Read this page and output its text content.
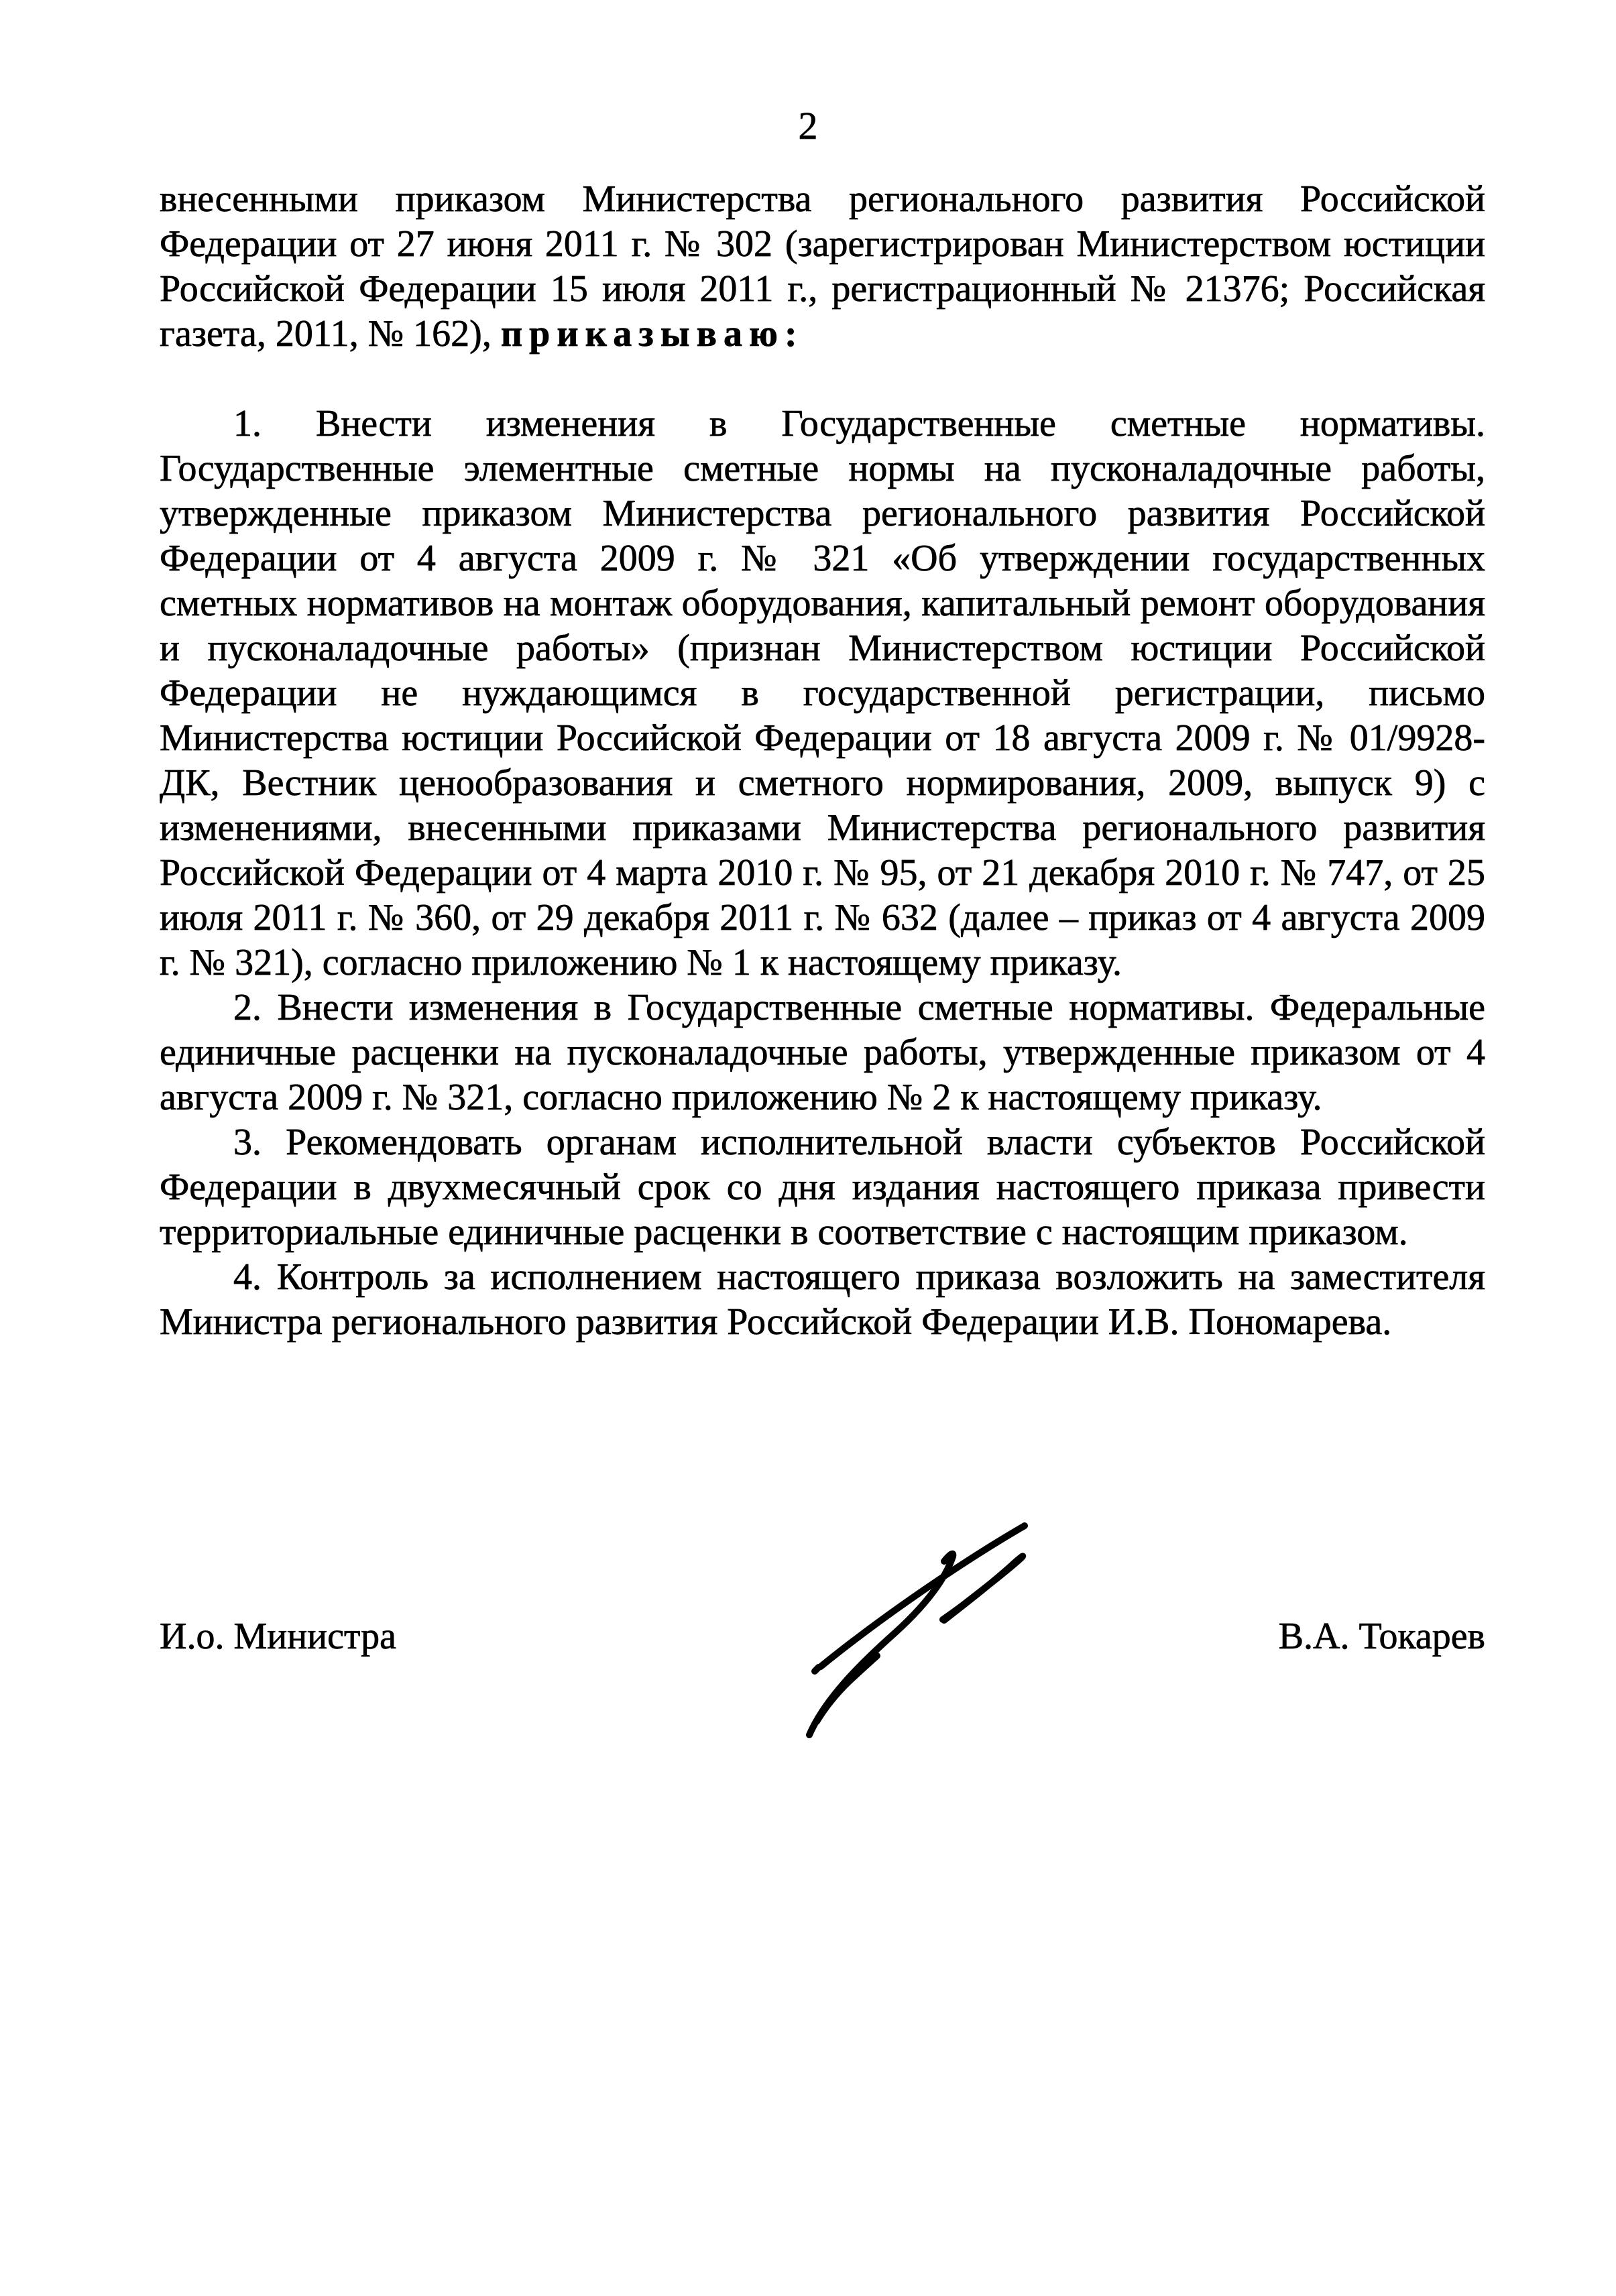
2

внесенными приказом Министерства регионального развития Российской Федерации от 27 июня 2011 г. № 302 (зарегистрирован Министерством юстиции Российской Федерации 15 июля 2011 г., регистрационный № 21376; Российская газета, 2011, № 162), приказываю:

1. Внести изменения в Государственные сметные нормативы. Государственные элементные сметные нормы на пусконаладочные работы, утвержденные приказом Министерства регионального развития Российской Федерации от 4 августа 2009 г. № 321 «Об утверждении государственных сметных нормативов на монтаж оборудования, капитальный ремонт оборудования и пусконаладочные работы» (признан Министерством юстиции Российской Федерации не нуждающимся в государственной регистрации, письмо Министерства юстиции Российской Федерации от 18 августа 2009 г. № 01/9928-ДК, Вестник ценообразования и сметного нормирования, 2009, выпуск 9) с изменениями, внесенными приказами Министерства регионального развития Российской Федерации от 4 марта 2010 г. № 95, от 21 декабря 2010 г. № 747, от 25 июля 2011 г. № 360, от 29 декабря 2011 г. № 632 (далее – приказ от 4 августа 2009 г. № 321), согласно приложению № 1 к настоящему приказу.

2. Внести изменения в Государственные сметные нормативы. Федеральные единичные расценки на пусконаладочные работы, утвержденные приказом от 4 августа 2009 г. № 321, согласно приложению № 2 к настоящему приказу.

3. Рекомендовать органам исполнительной власти субъектов Российской Федерации в двухмесячный срок со дня издания настоящего приказа привести территориальные единичные расценки в соответствие с настоящим приказом.

4. Контроль за исполнением настоящего приказа возложить на заместителя Министра регионального развития Российской Федерации И.В. Пономарева.

И.о. Министра	В.А. Токарев
